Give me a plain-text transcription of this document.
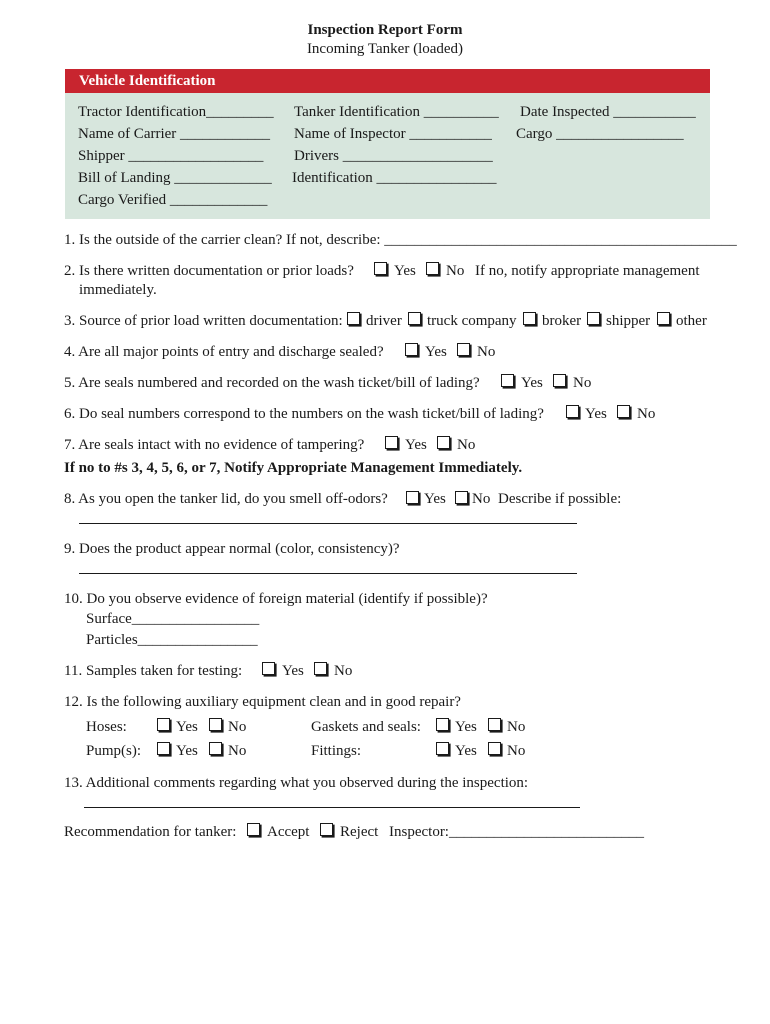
Inspection Report Form
Incoming Tanker (loaded)
Vehicle Identification
Tractor Identification_________ Tanker Identification __________ Date Inspected ___________
Name of Carrier ____________ Name of Inspector ___________ Cargo _________________
Shipper __________________ Drivers ____________________
Bill of Landing _____________ Identification ________________
Cargo Verified _____________
1. Is the outside of the carrier clean? If not, describe: _______________________________________________
2. Is there written documentation or prior loads?	Yes No If no, notify appropriate management
immediately.
3. Source of prior load written documentation: driver truck company broker shipper other
4. Are all major points of entry and discharge sealed?	Yes No
5. Are seals numbered and recorded on the wash ticket/bill of lading?	Yes No
6. Do seal numbers correspond to the numbers on the wash ticket/bill of lading?	Yes No
7. Are seals intact with no evidence of tampering?	Yes No
If no to #s 3, 4, 5, 6, or 7, Notify Appropriate Management Immediately.
8. As you open the tanker lid, do you smell off-odors? Yes No Describe if possible:
9. Does the product appear normal (color, consistency)?
10. Do you observe evidence of foreign material (identify if possible)?
Surface_________________
Particles________________
11. Samples taken for testing:	Yes No
12. Is the following auxiliary equipment clean and in good repair?
Hoses:	Yes No	Gaskets and seals: Yes No
Pump(s): Yes No	Fittings:	Yes No
13. Additional comments regarding what you observed during the inspection:
Recommendation for tanker: Accept Reject Inspector:__________________________
